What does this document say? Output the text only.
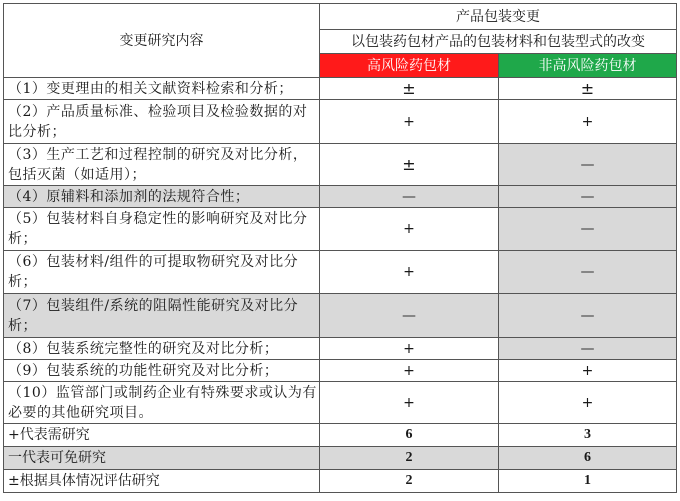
变更研究内容	产品包装变更	
	以包装药包材产品的包装材料和包装型式的改变	
	高风险药包材	非高风险药包材
（1）变更理由的相关文献资料检索和分析；	±	±
（2）产品质量标准、检验项目及检验数据的对比分析；	+	+
（3）生产工艺和过程控制的研究及对比分析，包括灭菌（如适用）；	±	—
（4）原辅料和添加剂的法规符合性；	—	—
（5）包装材料自身稳定性的影响研究及对比分析；	+	—
（6）包装材料/组件的可提取物研究及对比分析；	+	—
（7）包装组件/系统的阻隔性能研究及对比分析；	—	—
（8）包装系统完整性的研究及对比分析；	+	—
（9）包装系统的功能性研究及对比分析；	+	+
（10）监管部门或制药企业有特殊要求或认为有必要的其他研究项目。	+	+
+代表需研究	6	3
一代表可免研究	2	6
±根据具体情况评估研究	2	1
